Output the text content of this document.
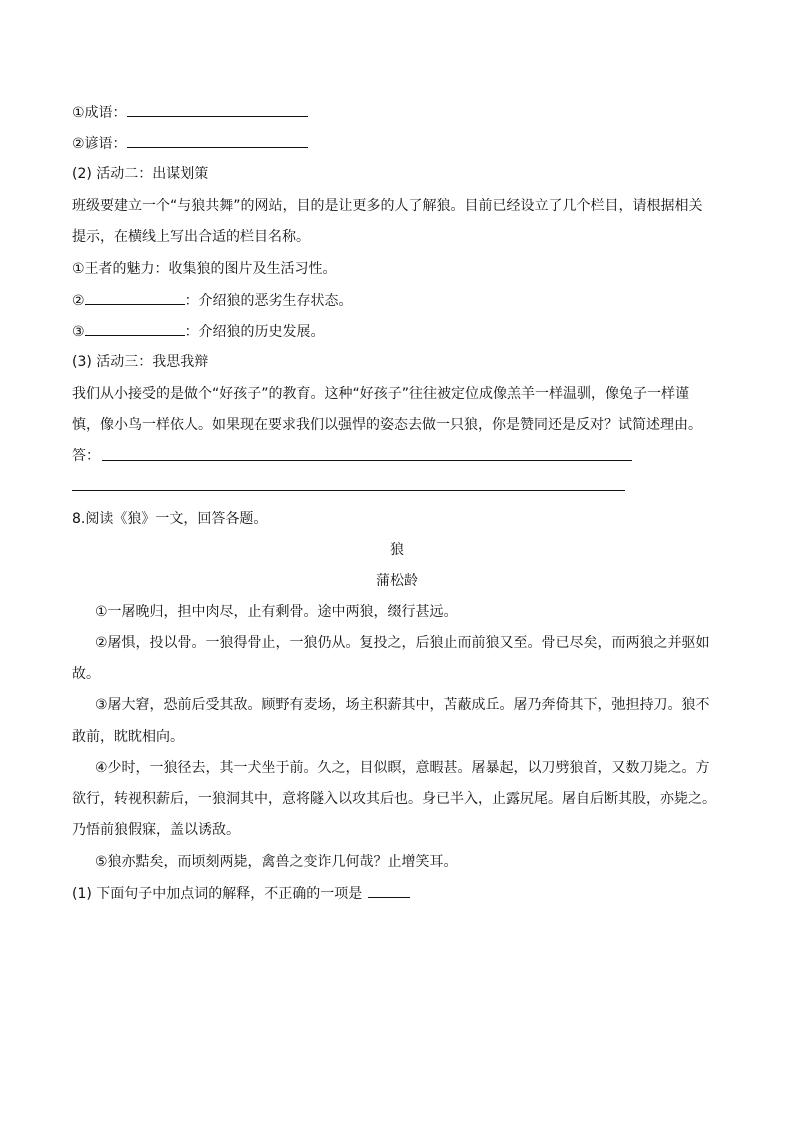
①成语：
②谚语：
(2) 活动二：出谋划策
班级要建立一个“与狼共舞”的网站，目的是让更多的人了解狼。目前已经设立了几个栏目，请根据相关
提示，在横线上写出合适的栏目名称。
①王者的魅力：收集狼的图片及生活习性。
②	：介绍狼的恶劣生存状态。
③	：介绍狼的历史发展。
(3) 活动三：我思我辩
我们从小接受的是做个“好孩子”的教育。这种“好孩子”往往被定位成像羔羊一样温驯，像兔子一样谨
慎，像小鸟一样依人。如果现在要求我们以强悍的姿态去做一只狼，你是赞同还是反对？试简述理由。
答：
8.阅读《狼》一文，回答各题。
狼
蒲松龄
①一屠晚归，担中肉尽，止有剩骨。途中两狼，缀行甚远。
②屠惧，投以骨。一狼得骨止，一狼仍从。复投之，后狼止而前狼又至。骨已尽矣，而两狼之并驱如
故。
③屠大窘，恐前后受其敌。顾野有麦场，场主积薪其中，苫蔽成丘。屠乃奔倚其下，弛担持刀。狼不
敢前，眈眈相向。
④少时，一狼径去，其一犬坐于前。久之，目似瞑，意暇甚。屠暴起，以刀劈狼首，又数刀毙之。方
欲行，转视积薪后，一狼洞其中，意将隧入以攻其后也。身已半入，止露尻尾。屠自后断其股，亦毙之。
乃悟前狼假寐，盖以诱敌。
⑤狼亦黠矣，而顷刻两毙，禽兽之变诈几何哉？止增笑耳。
(1) 下面句子中加点词的解释，不正确的一项是
